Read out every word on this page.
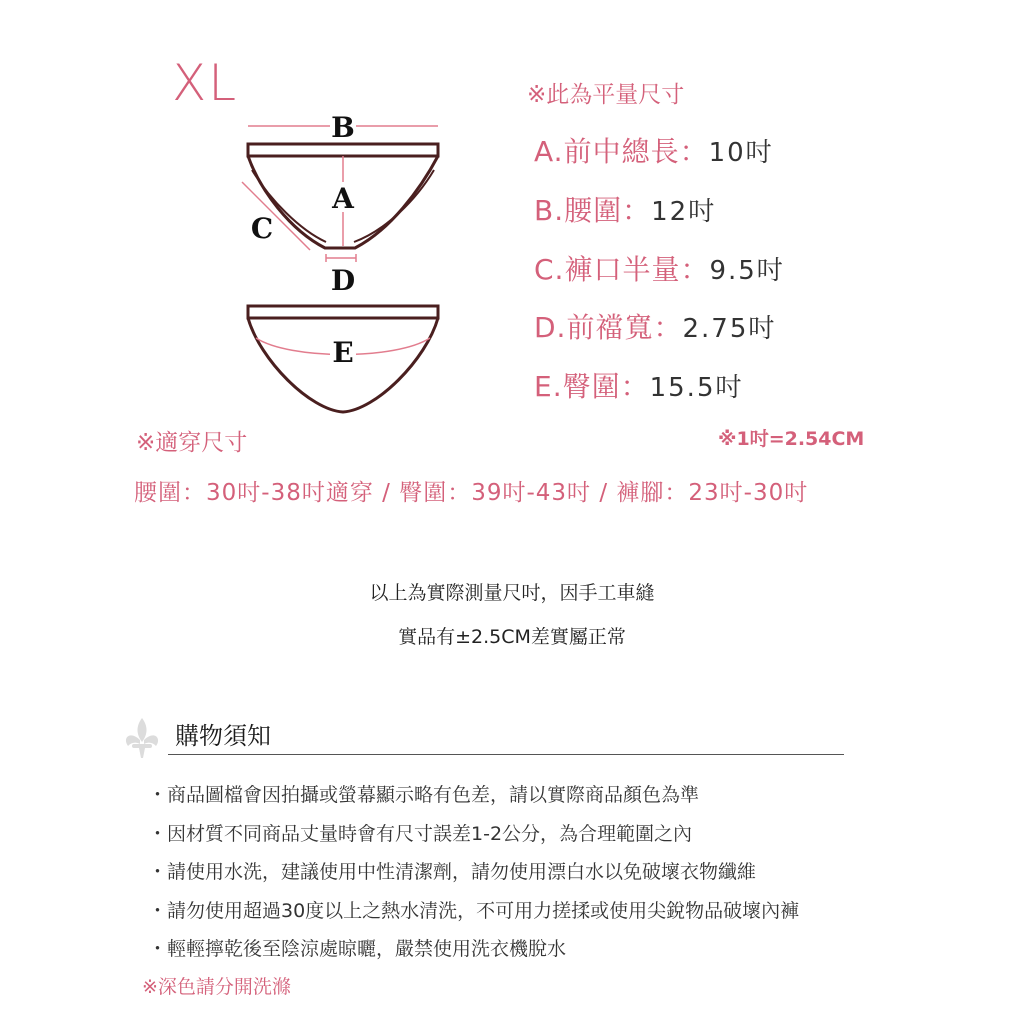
XL
B
A
C
D
E
※此為平量尺寸
A.前中總長：10吋
B.腰圍：12吋
C.褲口半量：9.5吋
D.前襠寬：2.75吋
E.臀圍：15.5吋
※適穿尺寸	※1吋=2.54CM
腰圍：30吋-38吋適穿 / 臀圍：39吋-43吋 / 褲腳：23吋-30吋
以上為實際測量尺吋，因手工車縫
實品有±2.5CM差實屬正常
購物須知
・商品圖檔會因拍攝或螢幕顯示略有色差，請以實際商品顏色為準
・因材質不同商品丈量時會有尺寸誤差1-2公分，為合理範圍之內
・請使用水洗，建議使用中性清潔劑，請勿使用漂白水以免破壞衣物纖維
・請勿使用超過30度以上之熱水清洗，不可用力搓揉或使用尖銳物品破壞內褲
・輕輕擰乾後至陰涼處晾曬，嚴禁使用洗衣機脫水
※深色請分開洗滌
